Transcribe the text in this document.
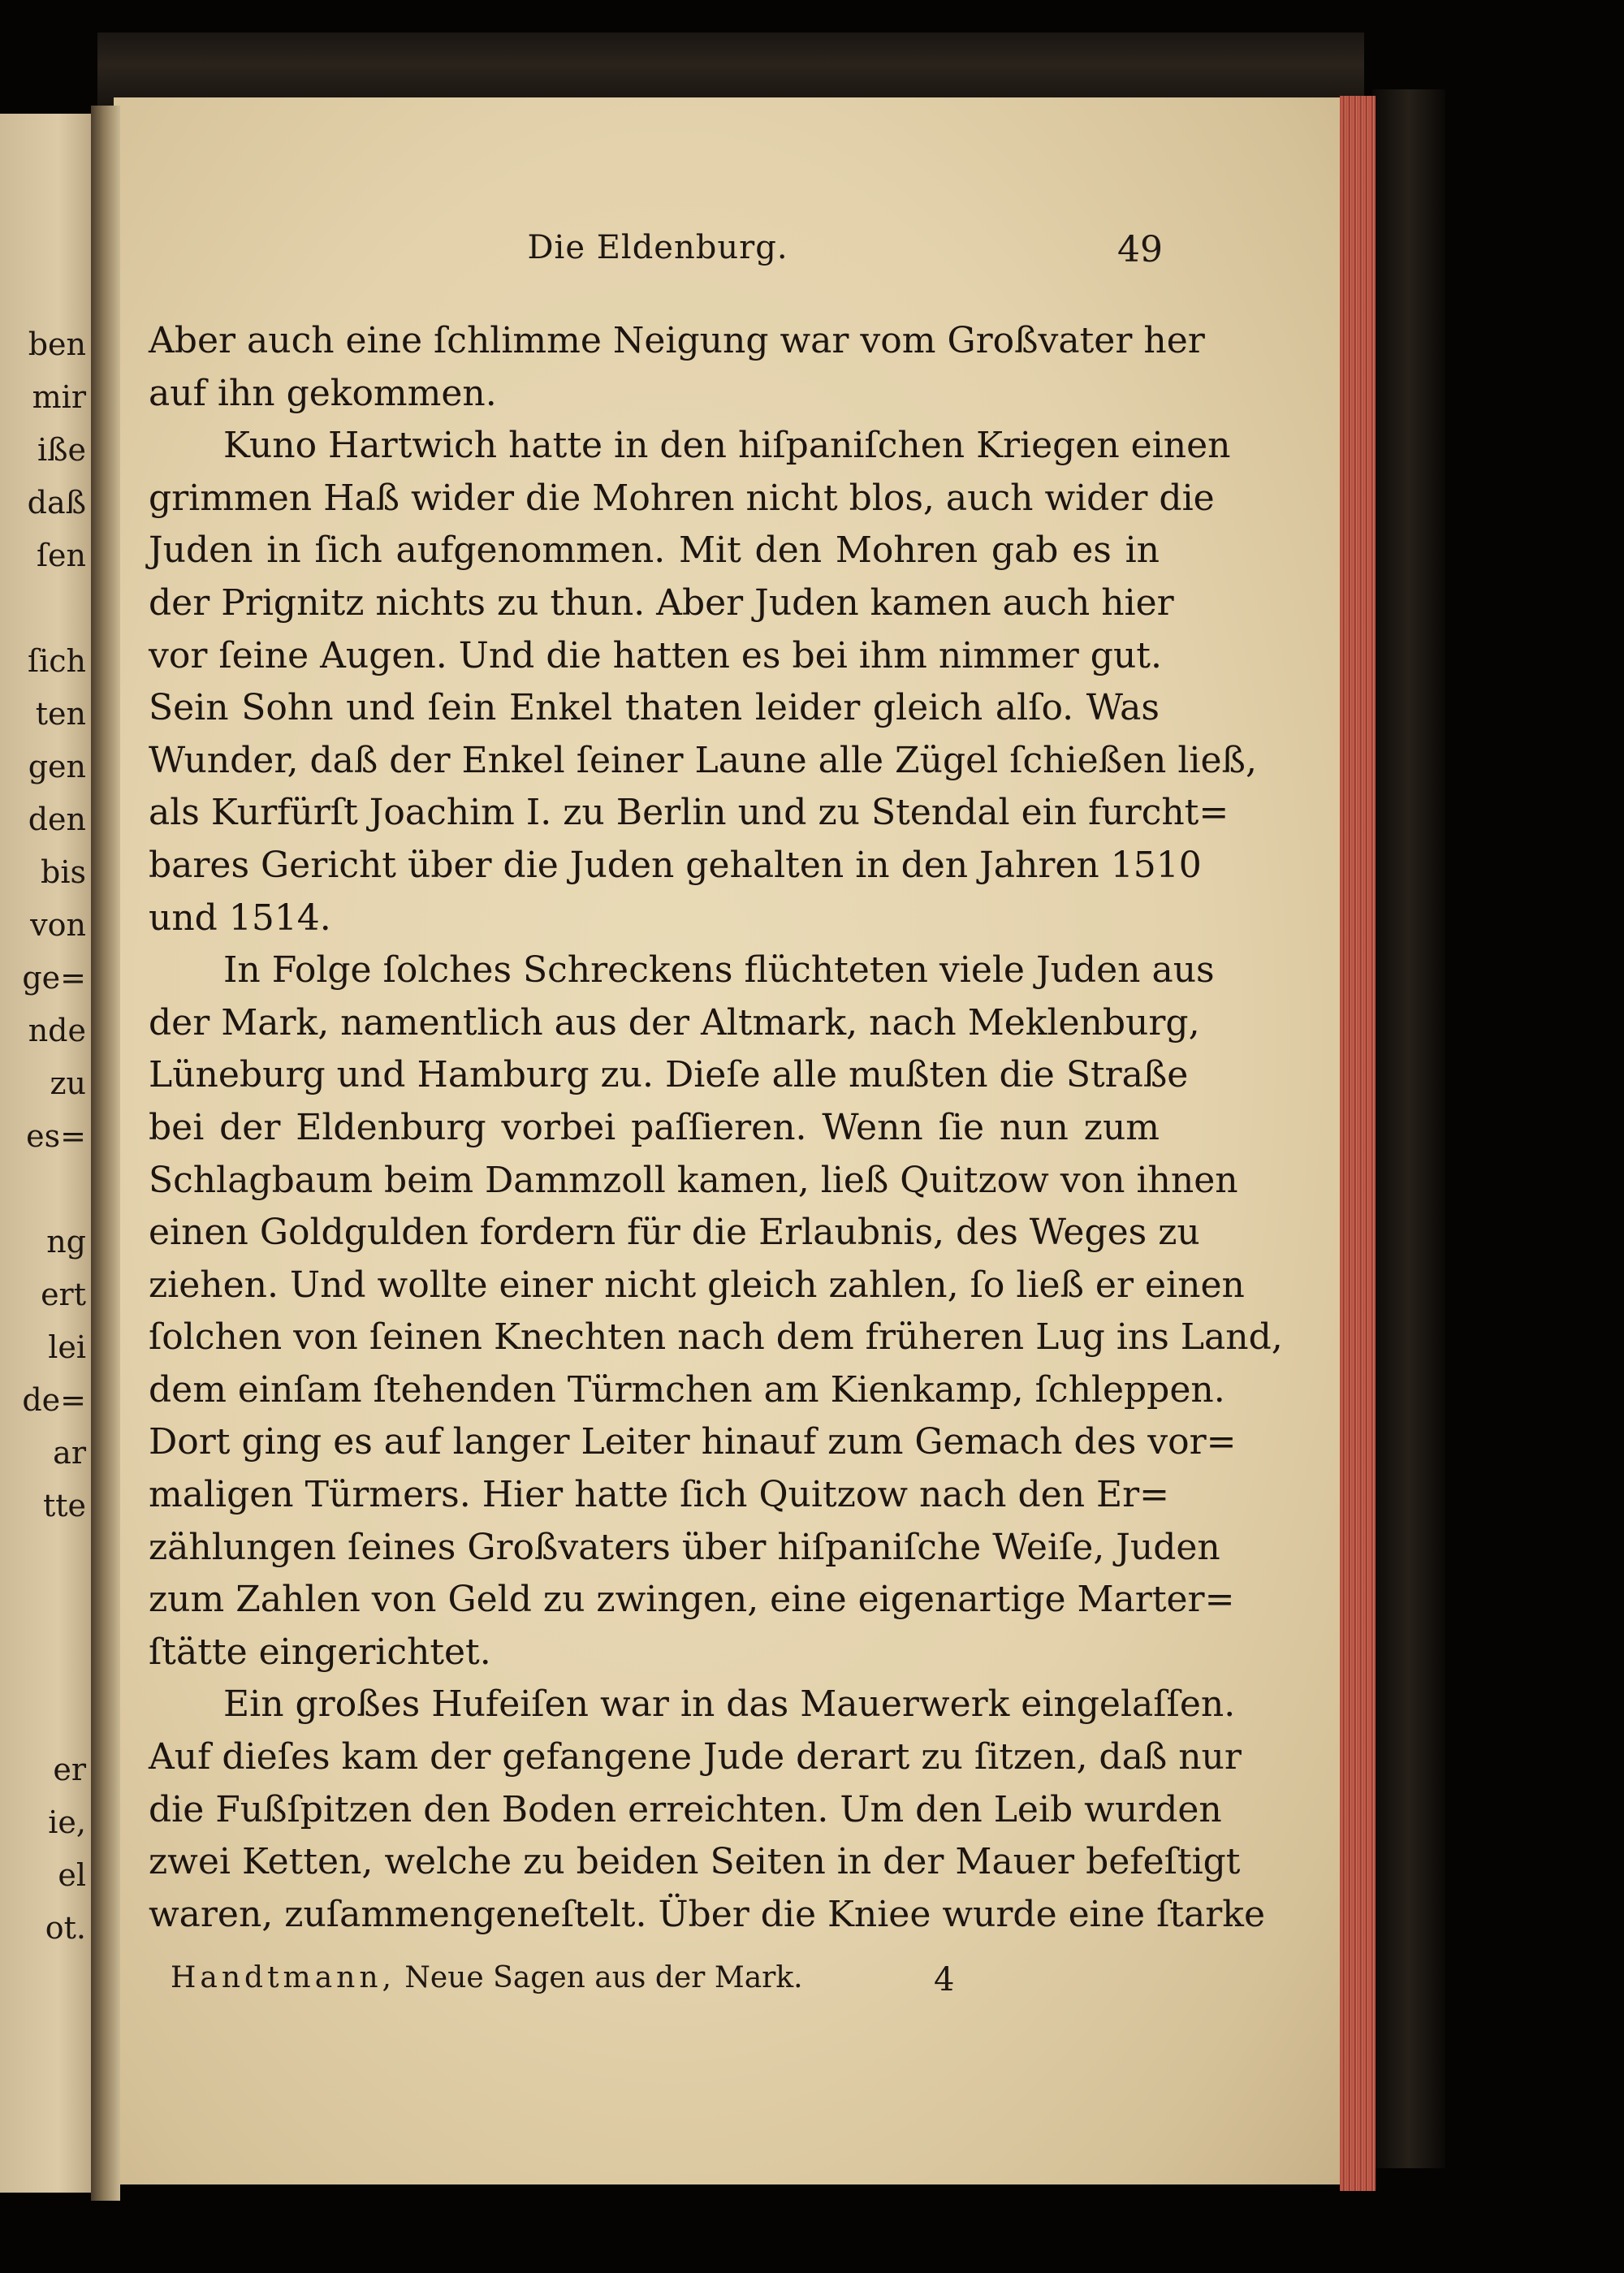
ben
mir
iße
daß
ſen
ſich
ten
gen
den
bis
von
ge=
nde
zu
es=
ng
ert
lei
de=
ar
tte
er
ie,
el
ot.
Die Eldenburg.	49
Aber auch eine ſchlimme Neigung war vom Großvater her
auf ihn gekommen.
Kuno Hartwich hatte in den hiſpaniſchen Kriegen einen
grimmen Haß wider die Mohren nicht blos, auch wider die
Juden in ſich aufgenommen. Mit den Mohren gab es in
der Prignitz nichts zu thun. Aber Juden kamen auch hier
vor ſeine Augen. Und die hatten es bei ihm nimmer gut.
Sein Sohn und ſein Enkel thaten leider gleich alſo. Was
Wunder, daß der Enkel ſeiner Laune alle Zügel ſchießen ließ,
als Kurfürſt Joachim I. zu Berlin und zu Stendal ein furcht=
bares Gericht über die Juden gehalten in den Jahren 1510
und 1514.
In Folge ſolches Schreckens flüchteten viele Juden aus
der Mark, namentlich aus der Altmark, nach Meklenburg,
Lüneburg und Hamburg zu. Dieſe alle mußten die Straße
bei der Eldenburg vorbei paſſieren. Wenn ſie nun zum
Schlagbaum beim Dammzoll kamen, ließ Quitzow von ihnen
einen Goldgulden fordern für die Erlaubnis, des Weges zu
ziehen. Und wollte einer nicht gleich zahlen, ſo ließ er einen
ſolchen von ſeinen Knechten nach dem früheren Lug ins Land,
dem einſam ſtehenden Türmchen am Kienkamp, ſchleppen.
Dort ging es auf langer Leiter hinauf zum Gemach des vor=
maligen Türmers. Hier hatte ſich Quitzow nach den Er=
zählungen ſeines Großvaters über hiſpaniſche Weiſe, Juden
zum Zahlen von Geld zu zwingen, eine eigenartige Marter=
ſtätte eingerichtet.
Ein großes Hufeiſen war in das Mauerwerk eingelaſſen.
Auf dieſes kam der gefangene Jude derart zu ſitzen, daß nur
die Fußſpitzen den Boden erreichten. Um den Leib wurden
zwei Ketten, welche zu beiden Seiten in der Mauer befeſtigt
waren, zuſammengeneſtelt. Über die Kniee wurde eine ſtarke
Handtmann, Neue Sagen aus der Mark.	4
